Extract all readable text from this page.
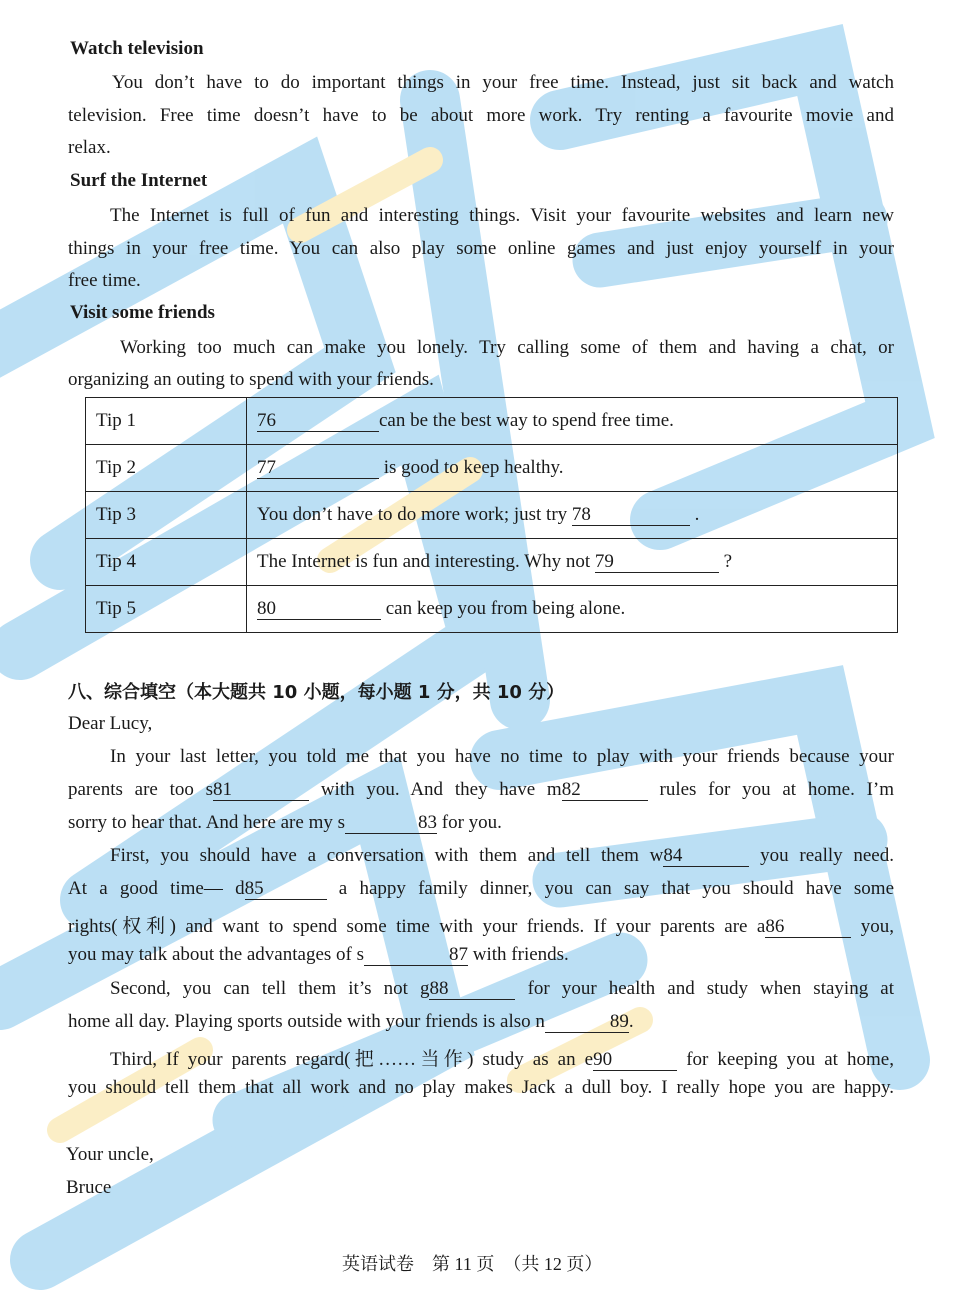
Watch television
You don’t have to do important things in your free time. Instead, just sit back and watch
television. Free time doesn’t have to be about more work. Try renting a favourite movie and
relax.
Surf the Internet
The Internet is full of fun and interesting things. Visit your favourite websites and learn new
things in your free time. You can also play some online games and just enjoy yourself in your
free time.
Visit some friends
Working too much can make you lonely. Try calling some of them and having a chat, or
organizing an outing to spend with your friends.
Tip 1	76 can be the best way to spend free time.
Tip 2	77 is good to keep healthy.
Tip 3	You don’t have to do more work; just try 78 .
Tip 4	The Internet is fun and interesting. Why not 79 ?
Tip 5	80 can keep you from being alone.
八、综合填空（本大题共 10 小题，每小题 1 分，共 10 分）
Dear Lucy,
In your last letter, you told me that you have no time to play with your friends because your
parents are too s81	with you. And they have m82	rules for you at home. I’m
sorry to hear that. And here are my s	83 for you.
First, you should have a conversation with them and tell them w84	you really need.
At a good time— d85	a happy family dinner, you can say that you should have some
rights(权利) and want to spend some time with your friends. If your parents are a86	you,
you may talk about the advantages of s	87 with friends.
Second, you can tell them it’s not g88	for your health and study when staying at
home all day. Playing sports outside with your friends is also n	89.
Third, If your parents regard(把……当作) study as an e90	for keeping you at home,
you should tell them that all work and no play makes Jack a dull boy. I really hope you are happy.
Your uncle,
Bruce
英语试卷　第 11 页　（共 12 页）
